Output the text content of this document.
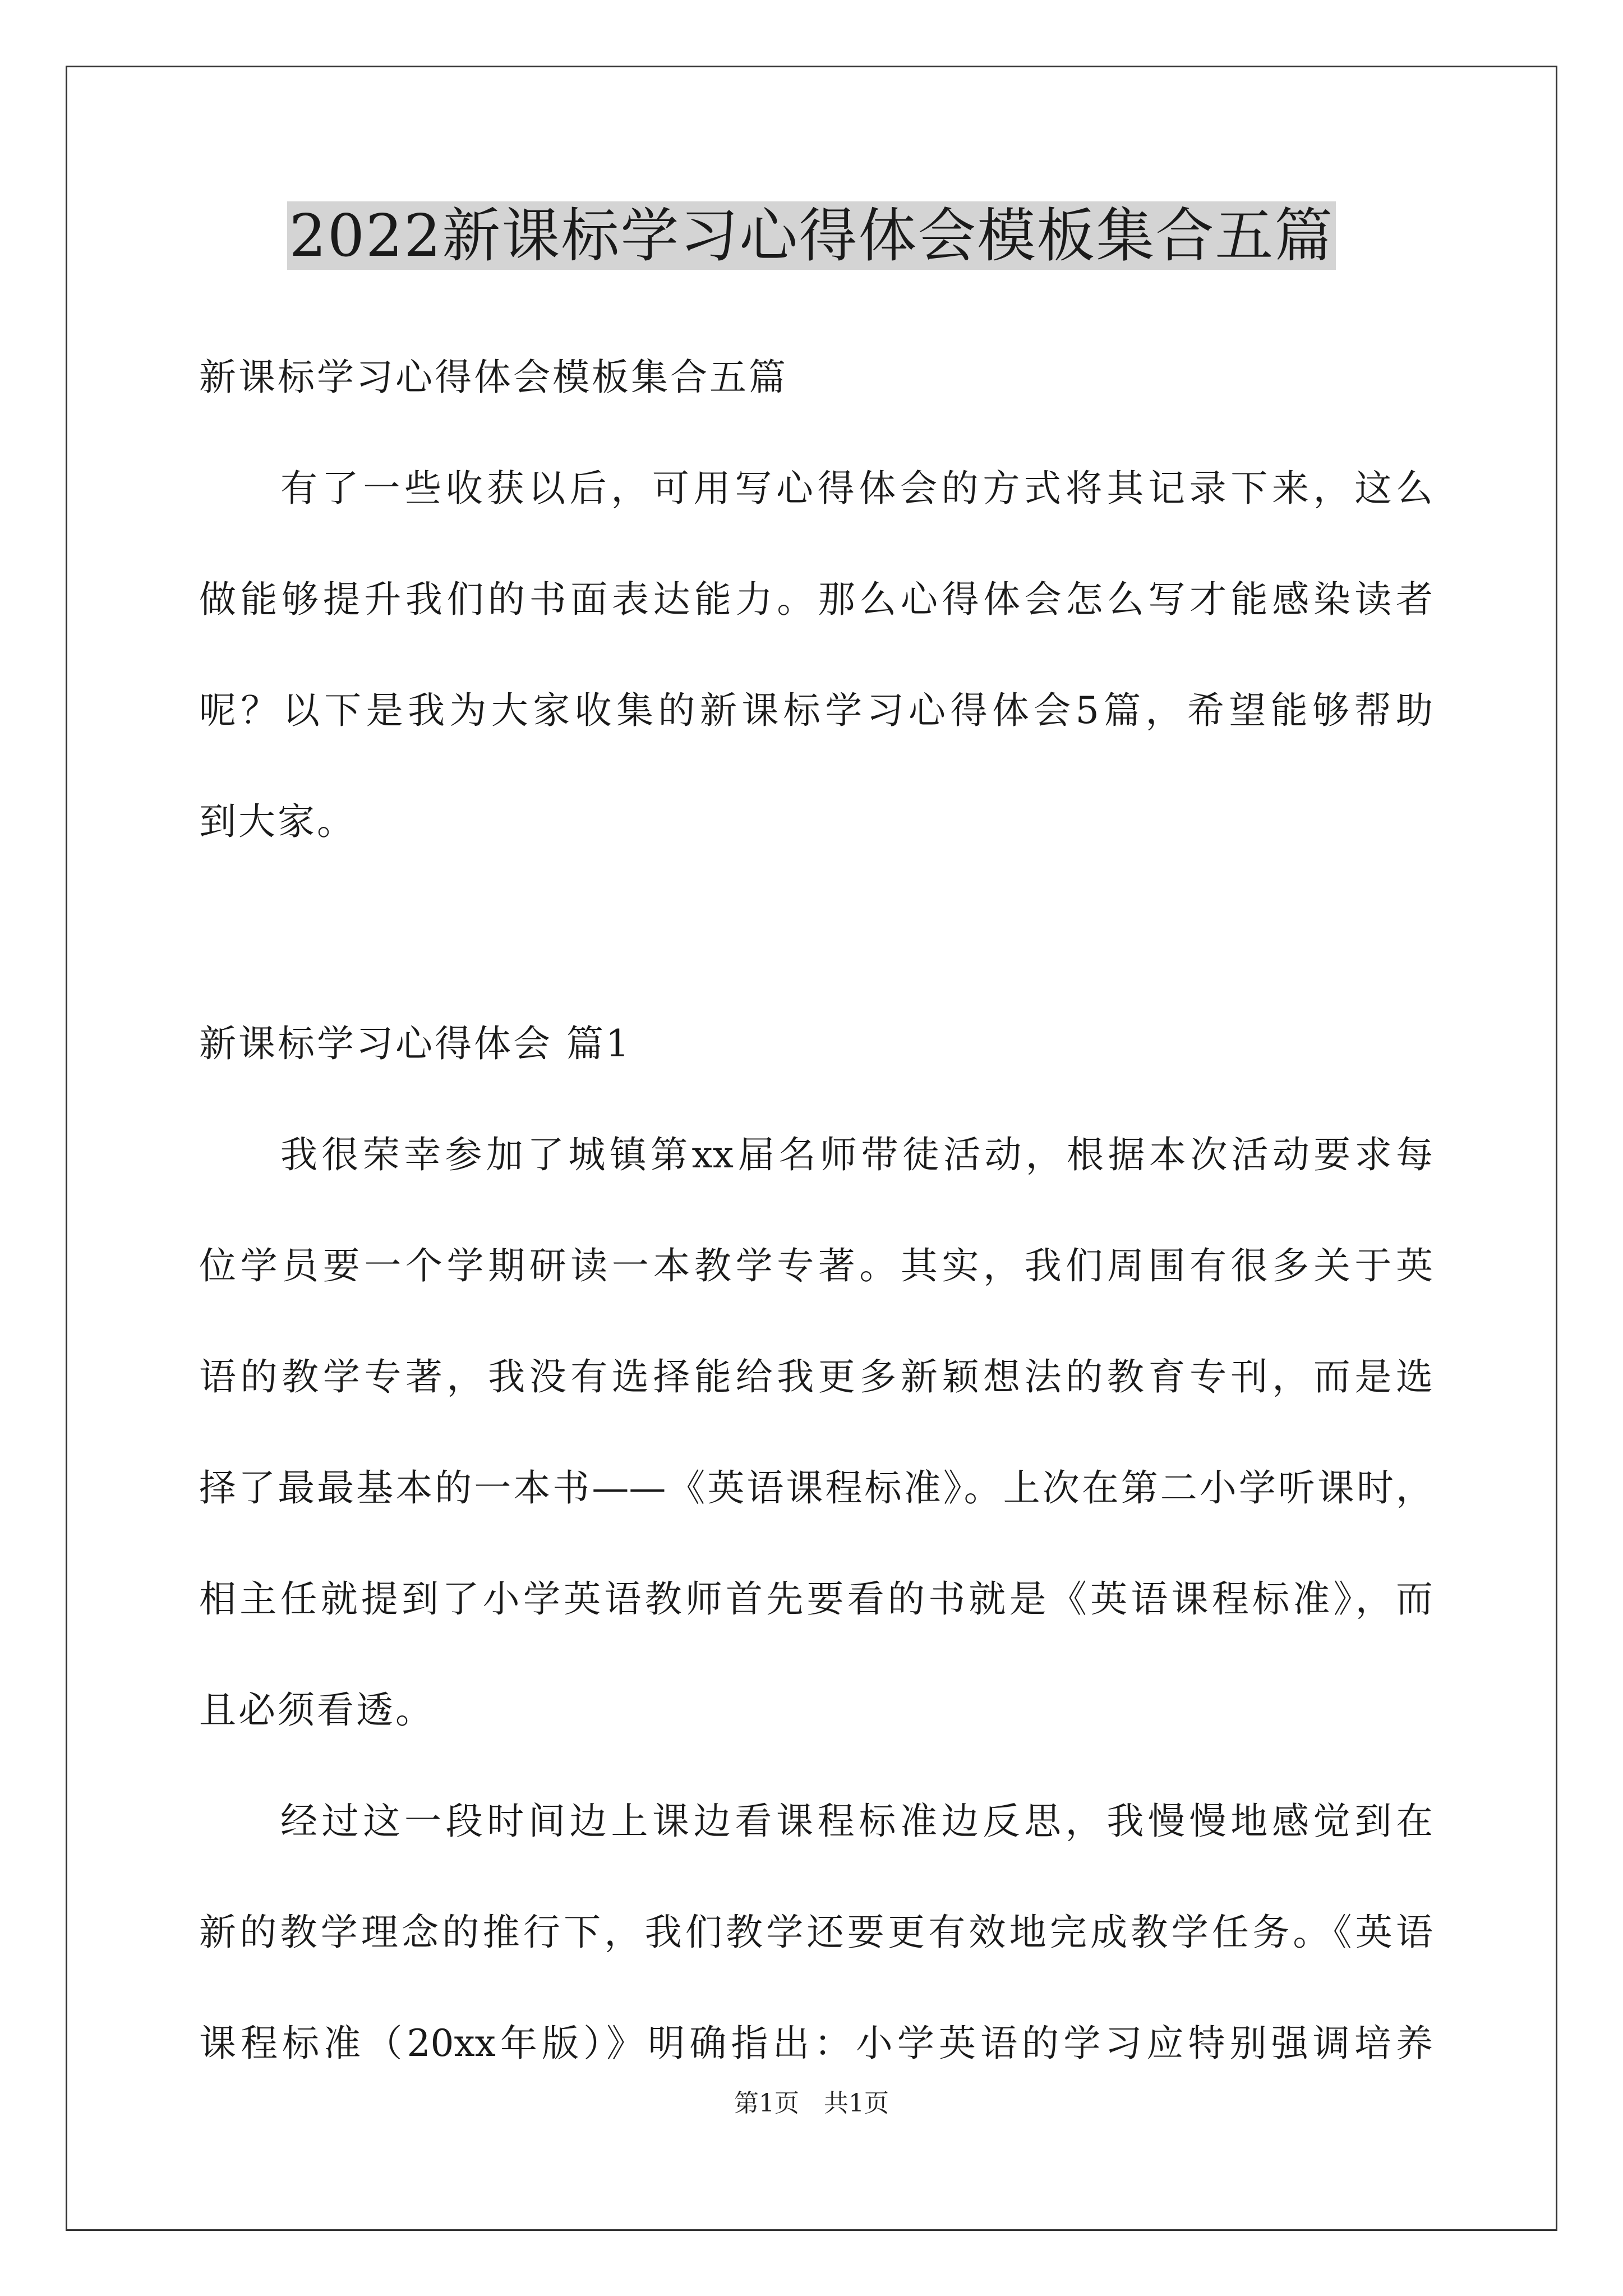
2022新课标学习心得体会模板集合五篇
新课标学习心得体会模板集合五篇
有了一些收获以后，可用写心得体会的方式将其记录下来，这么
做能够提升我们的书面表达能力。那么心得体会怎么写才能感染读者
呢？以下是我为大家收集的新课标学习心得体会5篇，希望能够帮助
到大家。
新课标学习心得体会 篇1
我很荣幸参加了城镇第xx届名师带徒活动，根据本次活动要求每
位学员要一个学期研读一本教学专著。其实，我们周围有很多关于英
语的教学专著，我没有选择能给我更多新颖想法的教育专刊，而是选
择了最最基本的一本书——《英语课程标准》。上次在第二小学听课时，
相主任就提到了小学英语教师首先要看的书就是《英语课程标准》，而
且必须看透。
经过这一段时间边上课边看课程标准边反思，我慢慢地感觉到在
新的教学理念的推行下，我们教学还要更有效地完成教学任务。《英语
课程标准（20xx年版）》明确指出：小学英语的学习应特别强调培养
第1页　共1页
